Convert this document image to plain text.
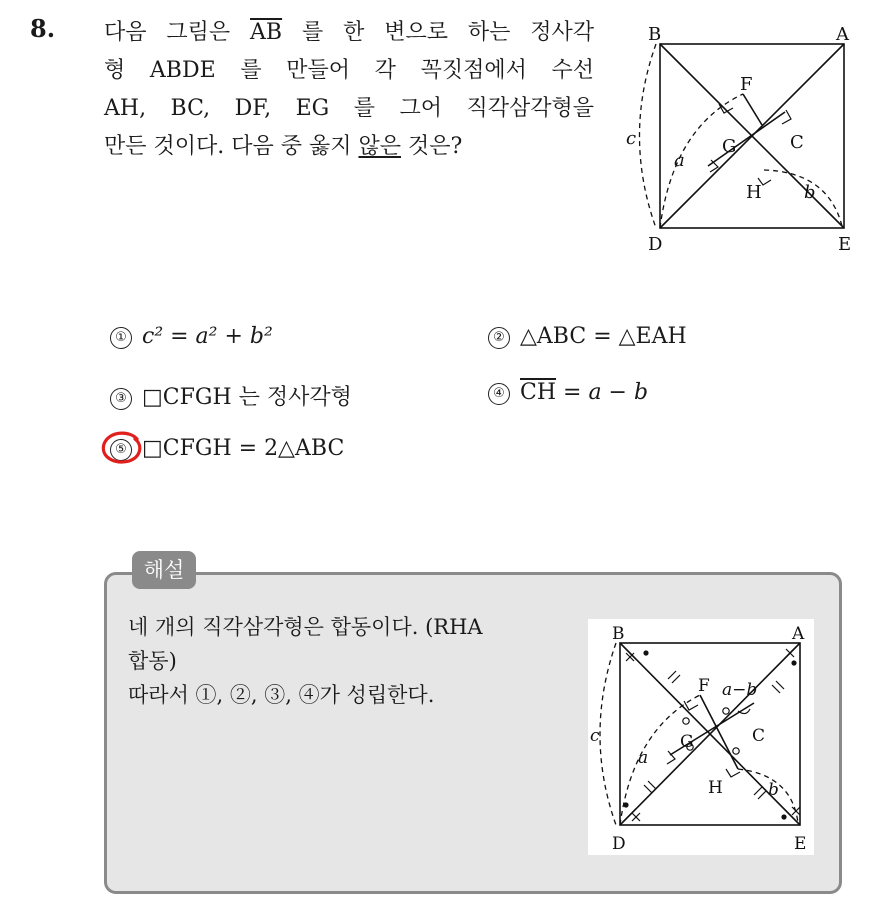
8. 다음 그림은 $\overline{AB}$ 를 한 변으로 하는 정사각
형 ABDE 를 만들어 각 꼭짓점에서 수선
AH, BC, DF, EG 를 그어 직각삼각형을
만든 것이다. 다음 중 옳지 않은 것은?
B	A
D	E
F
C
G
H
c
a
b
① c² = a² + b²	② △ABC = △EAH
③ □CFGH 는 정사각형	④ $\overline{CH} = a - b$
⑤ □CFGH = 2△ABC
해설
네 개의 직각삼각형은 합동이다. (RHA
합동)
따라서 ①, ②, ③, ④가 성립한다.
B	A
D	E
F
C
G
H
c
a
b
a−b
